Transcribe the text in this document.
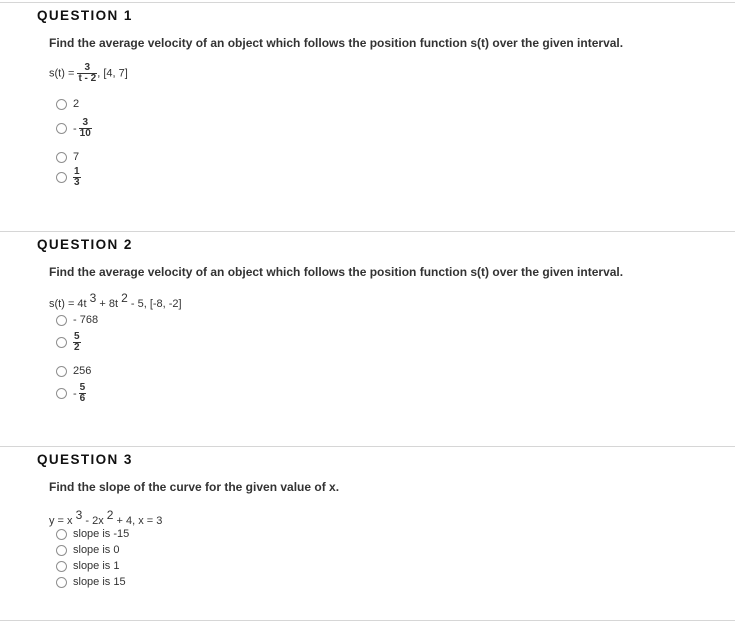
QUESTION 1
Find the average velocity of an object which follows the position function s(t) over the given interval.
$s(t) = \frac{3}{t - 2}$ , [4, 7]
2
- $\frac{3}{10}$
7
$\frac{1}{3}$
QUESTION 2
Find the average velocity of an object which follows the position function s(t) over the given interval.
s(t) = 4t 3 + 8t 2 - 5, [-8, -2]
- 768
$\frac{5}{2}$
256
- $\frac{5}{6}$
QUESTION 3
Find the slope of the curve for the given value of x.
y = x 3 - 2x 2 + 4, x = 3
slope is -15
slope is 0
slope is 1
slope is 15
